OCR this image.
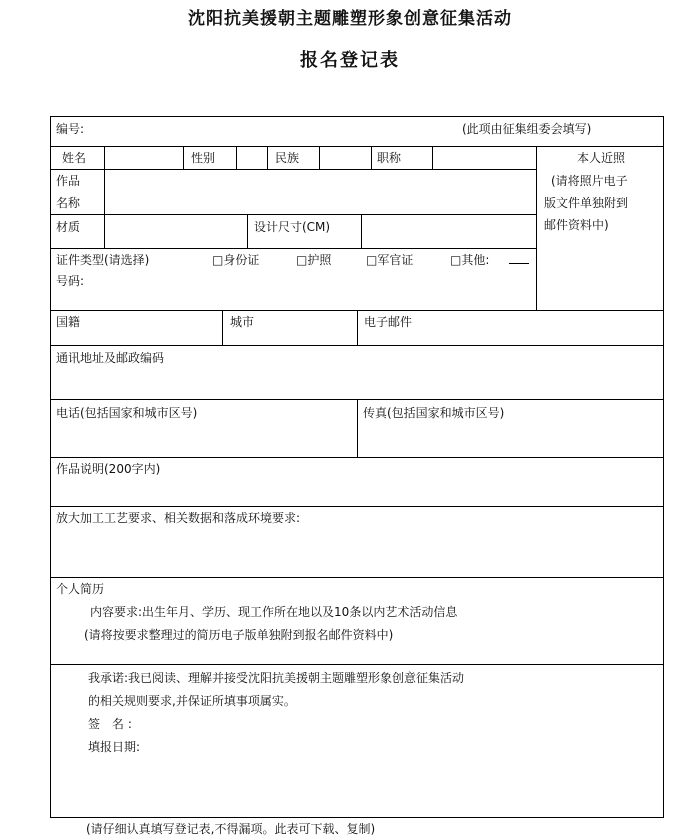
沈阳抗美援朝主题雕塑形象创意征集活动
报名登记表
编号:	(此项由征集组委会填写)
姓名	性别	民族	职称	本人近照
(请将照片电子
版文件单独附到
邮件资料中)
作品
名称
材质	设计尺寸(CM)
证件类型(请选择)	□身份证	□护照	□军官证	□其他:
号码:
国籍	城市	电子邮件
通讯地址及邮政编码
电话(包括国家和城市区号)	传真(包括国家和城市区号)
作品说明(200字内)
放大加工工艺要求、相关数据和落成环境要求:
个人简历
内容要求:出生年月、学历、现工作所在地以及10条以内艺术活动信息
(请将按要求整理过的简历电子版单独附到报名邮件资料中)
我承诺:我已阅读、理解并接受沈阳抗美援朝主题雕塑形象创意征集活动
的相关规则要求,并保证所填事项属实。
签 名:
填报日期:
(请仔细认真填写登记表,不得漏项。此表可下载、复制)
